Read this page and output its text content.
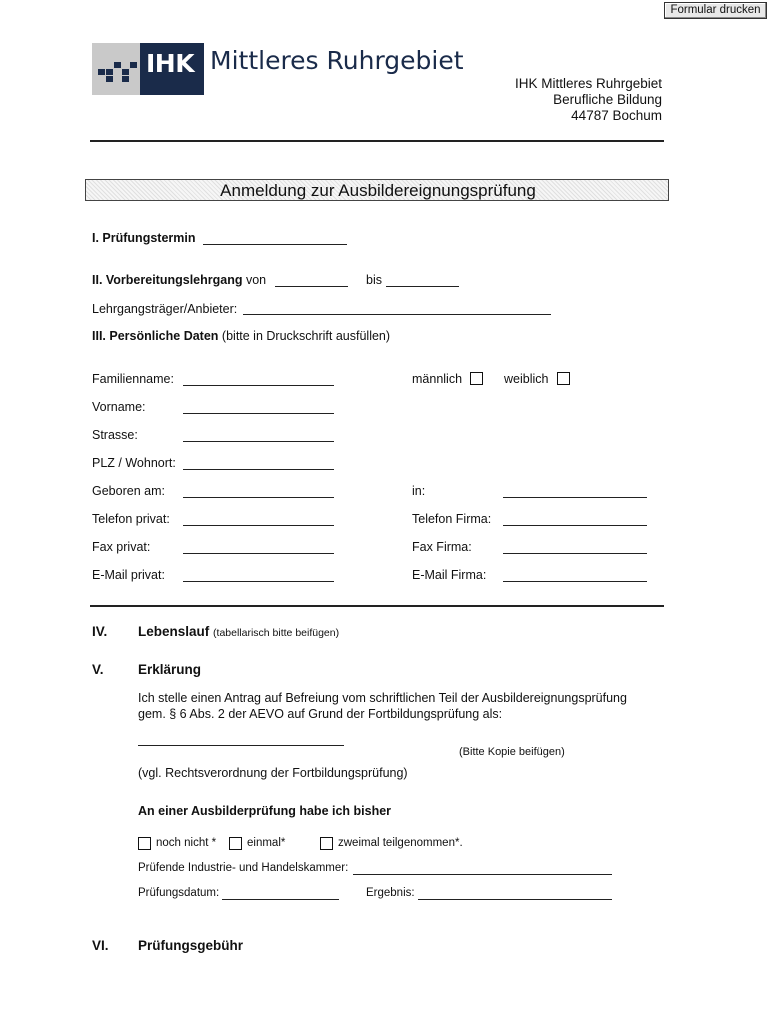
Formular drucken
IHK Mittleres Ruhrgebiet
IHK Mittleres Ruhrgebiet
Berufliche Bildung
44787 Bochum
Anmeldung zur Ausbildereignungsprüfung
I. Prüfungstermin
II. Vorbereitungslehrgang von	bis
Lehrgangsträger/Anbieter:
III. Persönliche Daten (bitte in Druckschrift ausfüllen)
Familienname:	männlich	weiblich
Vorname:
Strasse:
PLZ / Wohnort:
Geboren am:	in:
Telefon privat:	Telefon Firma:
Fax privat:	Fax Firma:
E-Mail privat:	E-Mail Firma:
IV. Lebenslauf (tabellarisch bitte beifügen)
V.	Erklärung
Ich stelle einen Antrag auf Befreiung vom schriftlichen Teil der Ausbildereignungsprüfung
gem. § 6 Abs. 2 der AEVO auf Grund der Fortbildungsprüfung als:
(Bitte Kopie beifügen)
(vgl. Rechtsverordnung der Fortbildungsprüfung)
An einer Ausbilderprüfung habe ich bisher
noch nicht *	einmal*	zweimal teilgenommen*.
Prüfende Industrie- und Handelskammer:
Prüfungsdatum:	Ergebnis:
VI. Prüfungsgebühr
